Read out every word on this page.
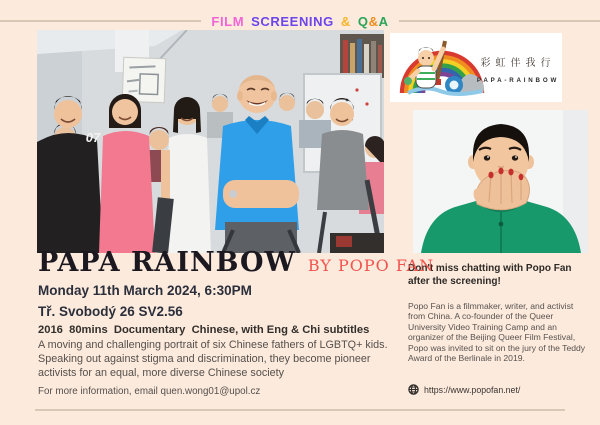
FILM SCREENING & Q & A
07
彩虹伴我行
PAPA-RAINBOW
Don't miss chatting with Popo Fan after the screening!
Popo Fan is a filmmaker, writer, and activist from China. A co-founder of the Queer University Video Training Camp and an organizer of the Beijing Queer Film Festival, Popo was invited to sit on the jury of the Teddy Award of the Berlinale in 2019.
https://www.popofan.net/
PAPA RAINBOW BY POPO FAN
Monday 11th March 2024, 6:30PM
Tř. Svobodý 26 SV2.56
2016  80mins  Documentary  Chinese, with Eng & Chi subtitles
A moving and challenging portrait of six Chinese fathers of LGBTQ+ kids.  Speaking out against stigma and discrimination, they become pioneer activists for an equal, more diverse Chinese society
For more information, email quen.wong01@upol.cz
